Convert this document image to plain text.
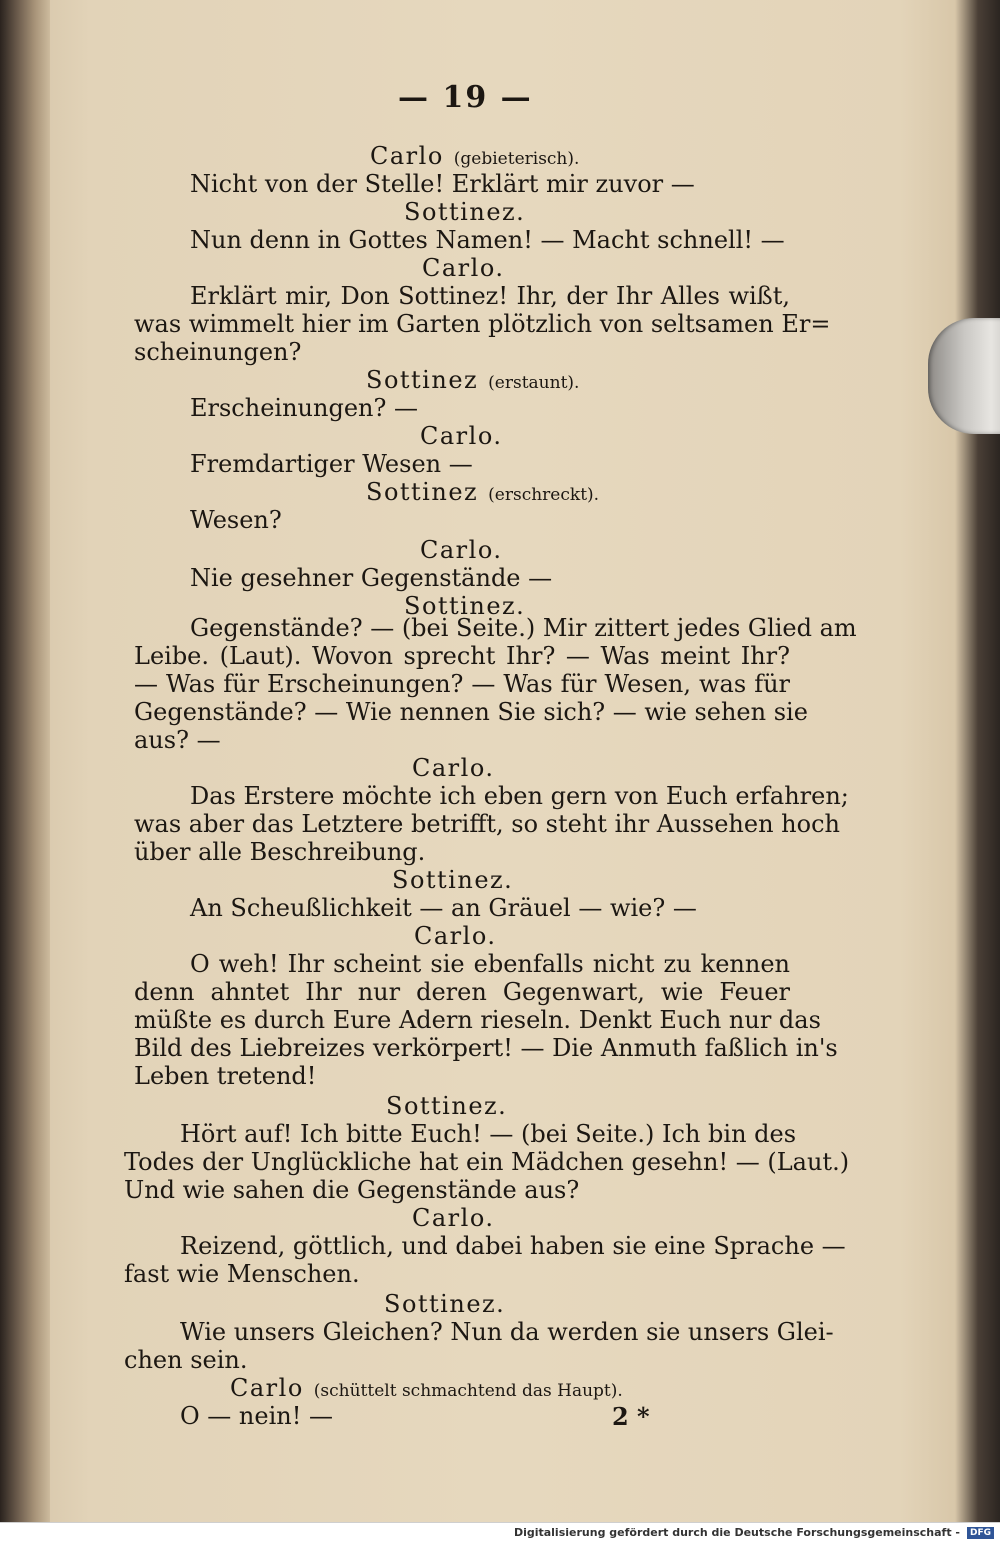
— 19 —
2 *
Carlo (gebieterisch).
Nicht von der Stelle! Erklärt mir zuvor —
Sottinez.
Nun denn in Gottes Namen! — Macht schnell! —
Carlo.
Erklärt mir, Don Sottinez! Ihr, der Ihr Alles wißt,
was wimmelt hier im Garten plötzlich von seltsamen Er=
scheinungen?
Sottinez (erstaunt).
Erscheinungen? —
Carlo.
Fremdartiger Wesen —
Sottinez (erschreckt).
Wesen?
Carlo.
Nie gesehner Gegenstände —
Sottinez.
Gegenstände? — (bei Seite.) Mir zittert jedes Glied am
Leibe. (Laut). Wovon sprecht Ihr? — Was meint Ihr?
— Was für Erscheinungen? — Was für Wesen, was für
Gegenstände? — Wie nennen Sie sich? — wie sehen sie
aus? —
Carlo.
Das Erstere möchte ich eben gern von Euch erfahren;
was aber das Letztere betrifft, so steht ihr Aussehen hoch
über alle Beschreibung.
Sottinez.
An Scheußlichkeit — an Gräuel — wie? —
Carlo.
O weh! Ihr scheint sie ebenfalls nicht zu kennen
denn ahntet Ihr nur deren Gegenwart, wie Feuer
müßte es durch Eure Adern rieseln. Denkt Euch nur das
Bild des Liebreizes verkörpert! — Die Anmuth faßlich in's
Leben tretend!
Sottinez.
Hört auf! Ich bitte Euch! — (bei Seite.) Ich bin des
Todes der Unglückliche hat ein Mädchen gesehn! — (Laut.)
Und wie sahen die Gegenstände aus?
Carlo.
Reizend, göttlich, und dabei haben sie eine Sprache —
fast wie Menschen.
Sottinez.
Wie unsers Gleichen? Nun da werden sie unsers Glei-
chen sein.
Carlo (schüttelt schmachtend das Haupt).
O — nein! —
Digitalisierung gefördert durch die Deutsche Forschungsgemeinschaft -	DFG
